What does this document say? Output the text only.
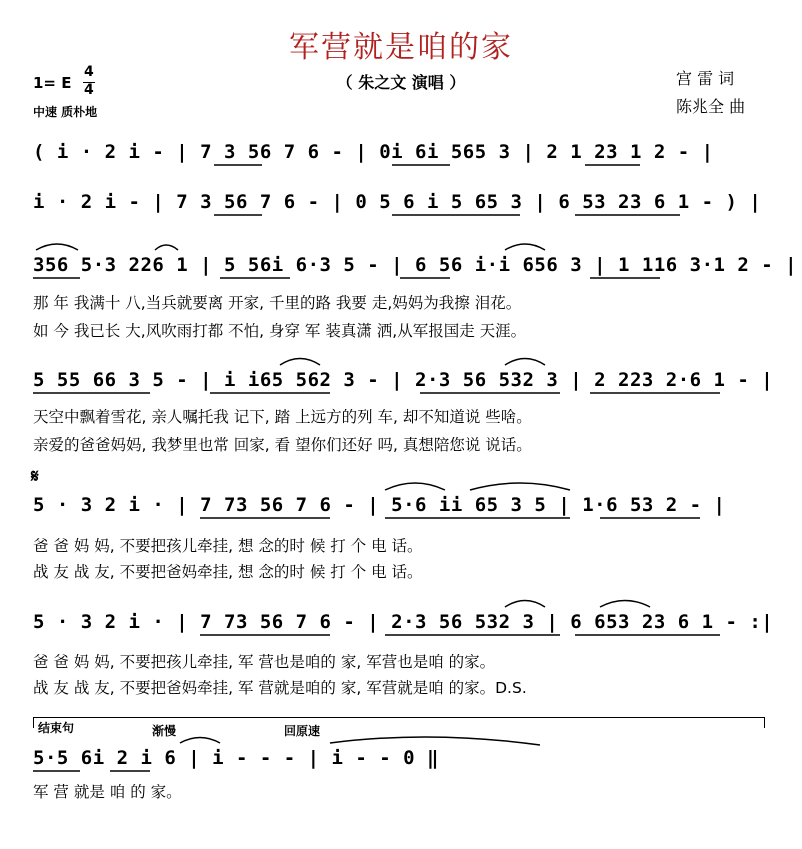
军营就是咱的家
（ 朱之文 演唱 ）
1= E
4
4
中速 质朴地
宫 雷 词
陈兆全 曲
( i · 2 i - | 7 3 56 7 6 - | 0i 6i 565 3 | 2 1 23 1 2 - |
i · 2 i - | 7 3 56 7 6 - | 0 5 6 i 5 65 3 | 6 53 23 6 1 - ) |
356 5·3 226 1 | 5 56i 6·3 5 - | 6 56 i·i 656 3 | 1 116 3·1 2 - |
那 年 我满十 八,当兵就要离 开家, 千里的路 我要 走,妈妈为我擦 泪花。
如 今 我已长 大,风吹雨打都 不怕, 身穿 军 装真潇 洒,从军报国走 天涯。
5 55 66 3 5 - | i i65 562 3 - | 2·3 56 532 3 | 2 223 2·6 1 - |
天空中飘着雪花, 亲人嘱托我 记下, 踏 上远方的列 车, 却不知道说 些啥。
亲爱的爸爸妈妈, 我梦里也常 回家, 看 望你们还好 吗, 真想陪您说 说话。
𝄋
5 · 3 2 i · | 7 73 56 7 6 - | 5·6 ii 65 3 5 | 1·6 53 2 - |
爸 爸 妈 妈, 不要把孩儿牵挂, 想 念的时 候 打 个 电 话。
战 友 战 友, 不要把爸妈牵挂, 想 念的时 候 打 个 电 话。
5 · 3 2 i · | 7 73 56 7 6 - | 2·3 56 532 3 | 6 653 23 6 1 - :|
爸 爸 妈 妈, 不要把孩儿牵挂, 军 营也是咱的 家, 军营也是咱 的家。
战 友 战 友, 不要把爸妈牵挂, 军 营就是咱的 家, 军营就是咱 的家。D.S.
结束句	渐慢	回原速
5·5 6i 2 i 6 | i - - - | i - - 0 ‖
军 营 就是 咱 的 家。
